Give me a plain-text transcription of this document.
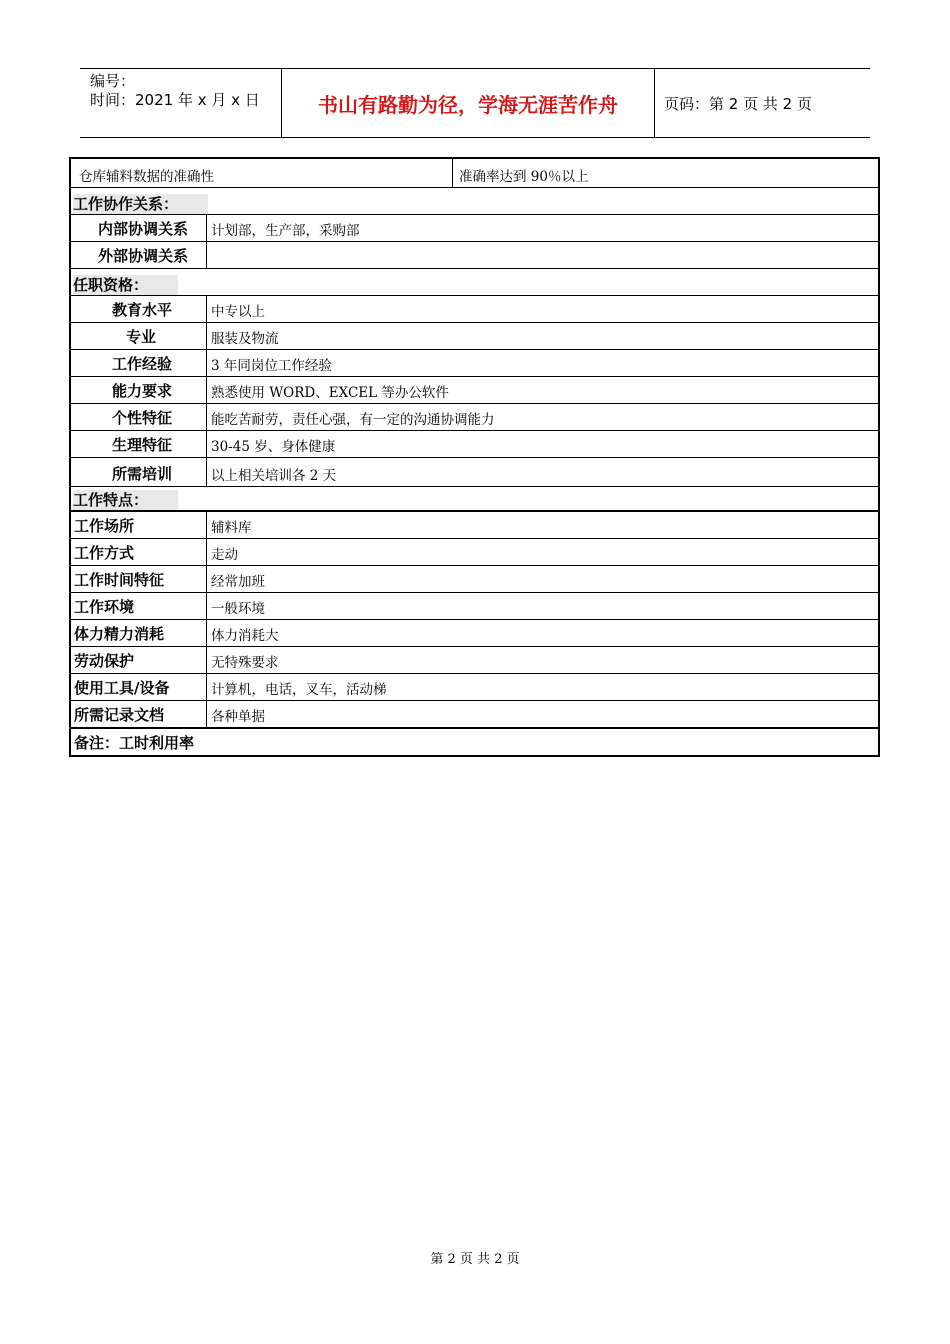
编号：
时间：2021 年 x 月 x 日	书山有路勤为径，学海无涯苦作舟	页码：第 2 页 共 2 页
仓库辅料数据的准确性	准确率达到 90％以上
工作协作关系：
内部协调关系	计划部，生产部，采购部
外部协调关系
任职资格：
教育水平	中专以上
专业	服装及物流
工作经验	3 年同岗位工作经验
能力要求	熟悉使用 WORD、EXCEL 等办公软件
个性特征	能吃苦耐劳，责任心强，有一定的沟通协调能力
生理特征	30-45 岁、身体健康
所需培训	以上相关培训各 2 天
工作特点：
工作场所	辅料库
工作方式	走动
工作时间特征	经常加班
工作环境	一般环境
体力精力消耗	体力消耗大
劳动保护	无特殊要求
使用工具/设备	计算机，电话，叉车，活动梯
所需记录文档	各种单据
备注：工时利用率
第 2 页 共 2 页
